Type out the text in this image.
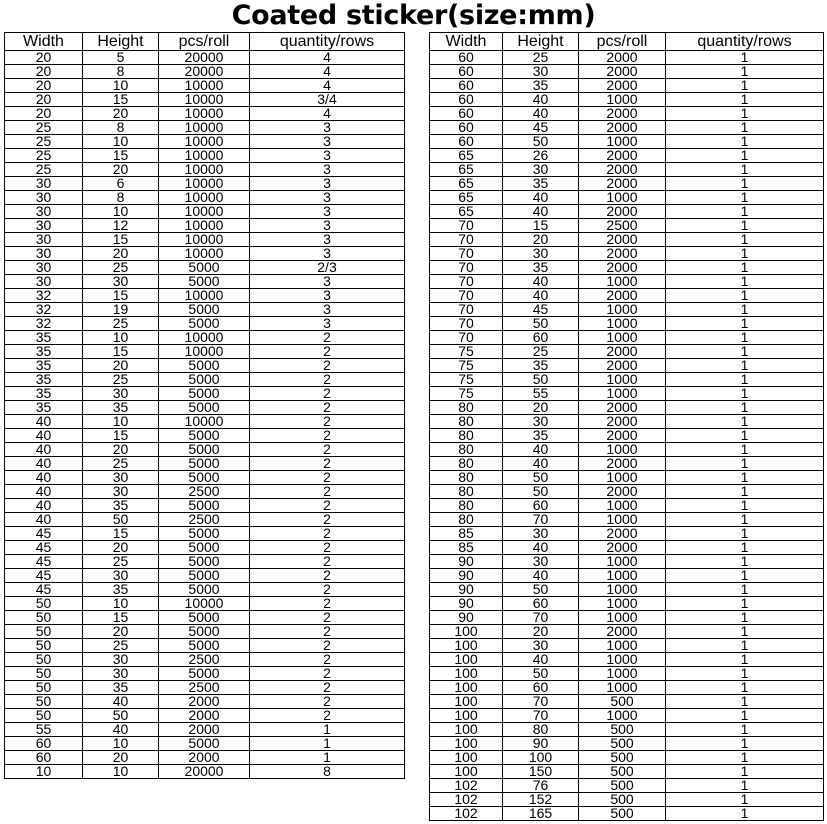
Coated sticker(size:mm)
Width	Height	pcs/roll	quantity/rows
20	5	20000	4
20	8	20000	4
20	10	10000	4
20	15	10000	3/4
20	20	10000	4
25	8	10000	3
25	10	10000	3
25	15	10000	3
25	20	10000	3
30	6	10000	3
30	8	10000	3
30	10	10000	3
30	12	10000	3
30	15	10000	3
30	20	10000	3
30	25	5000	2/3
30	30	5000	3
32	15	10000	3
32	19	5000	3
32	25	5000	3
35	10	10000	2
35	15	10000	2
35	20	5000	2
35	25	5000	2
35	30	5000	2
35	35	5000	2
40	10	10000	2
40	15	5000	2
40	20	5000	2
40	25	5000	2
40	30	5000	2
40	30	2500	2
40	35	5000	2
40	50	2500	2
45	15	5000	2
45	20	5000	2
45	25	5000	2
45	30	5000	2
45	35	5000	2
50	10	10000	2
50	15	5000	2
50	20	5000	2
50	25	5000	2
50	30	2500	2
50	30	5000	2
50	35	2500	2
50	40	2000	2
50	50	2000	2
55	40	2000	1
60	10	5000	1
60	20	2000	1
10	10	20000	8
Width	Height	pcs/roll	quantity/rows
60	25	2000	1
60	30	2000	1
60	35	2000	1
60	40	1000	1
60	40	2000	1
60	45	2000	1
60	50	1000	1
65	26	2000	1
65	30	2000	1
65	35	2000	1
65	40	1000	1
65	40	2000	1
70	15	2500	1
70	20	2000	1
70	30	2000	1
70	35	2000	1
70	40	1000	1
70	40	2000	1
70	45	1000	1
70	50	1000	1
70	60	1000	1
75	25	2000	1
75	35	2000	1
75	50	1000	1
75	55	1000	1
80	20	2000	1
80	30	2000	1
80	35	2000	1
80	40	1000	1
80	40	2000	1
80	50	1000	1
80	50	2000	1
80	60	1000	1
80	70	1000	1
85	30	2000	1
85	40	2000	1
90	30	1000	1
90	40	1000	1
90	50	1000	1
90	60	1000	1
90	70	1000	1
100	20	2000	1
100	30	1000	1
100	40	1000	1
100	50	1000	1
100	60	1000	1
100	70	500	1
100	70	1000	1
100	80	500	1
100	90	500	1
100	100	500	1
100	150	500	1
102	76	500	1
102	152	500	1
102	165	500	1
